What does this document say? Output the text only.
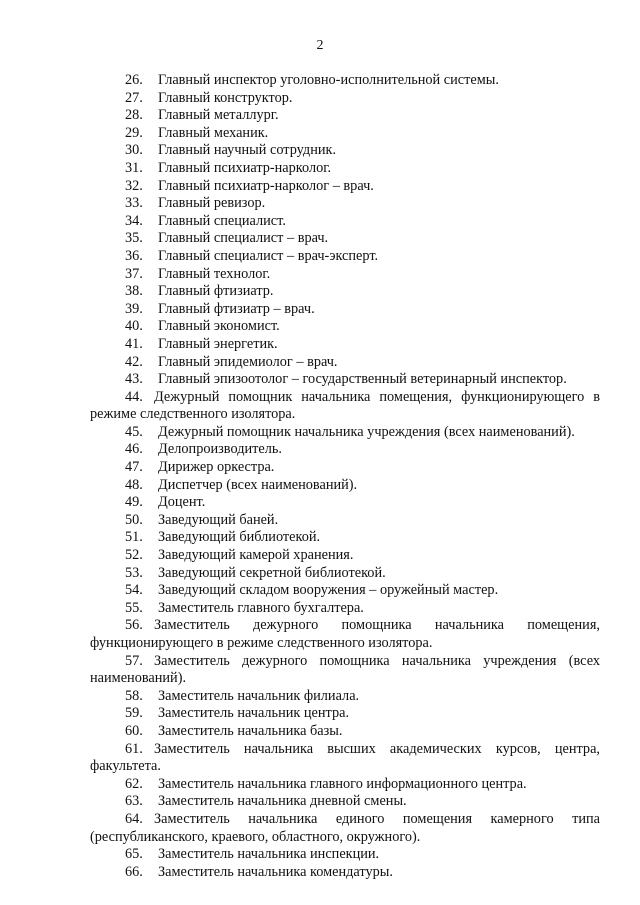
2

26. Главный инспектор уголовно-исполнительной системы.

27. Главный конструктор.

28. Главный металлург.

29. Главный механик.

30. Главный научный сотрудник.

31. Главный психиатр-нарколог.

32. Главный психиатр-нарколог – врач.

33. Главный ревизор.

34. Главный специалист.

35. Главный специалист – врач.

36. Главный специалист – врач-эксперт.

37. Главный технолог.

38. Главный фтизиатр.

39. Главный фтизиатр – врач.

40. Главный экономист.

41. Главный энергетик.

42. Главный эпидемиолог – врач.

43. Главный эпизоотолог – государственный ветеринарный инспектор.

44. Дежурный помощник начальника помещения, функционирующего в режиме следственного изолятора.

45. Дежурный помощник начальника учреждения (всех наименований).

46. Делопроизводитель.

47. Дирижер оркестра.

48. Диспетчер (всех наименований).

49. Доцент.

50. Заведующий баней.

51. Заведующий библиотекой.

52. Заведующий камерой хранения.

53. Заведующий секретной библиотекой.

54. Заведующий складом вооружения – оружейный мастер.

55. Заместитель главного бухгалтера.

56. Заместитель дежурного помощника начальника помещения, функционирующего в режиме следственного изолятора.

57. Заместитель дежурного помощника начальника учреждения (всех наименований).

58. Заместитель начальник филиала.

59. Заместитель начальник центра.

60. Заместитель начальника базы.

61. Заместитель начальника высших академических курсов, центра, факультета.

62. Заместитель начальника главного информационного центра.

63. Заместитель начальника дневной смены.

64. Заместитель начальника единого помещения камерного типа (республиканского, краевого, областного, окружного).

65. Заместитель начальника инспекции.

66. Заместитель начальника комендатуры.
